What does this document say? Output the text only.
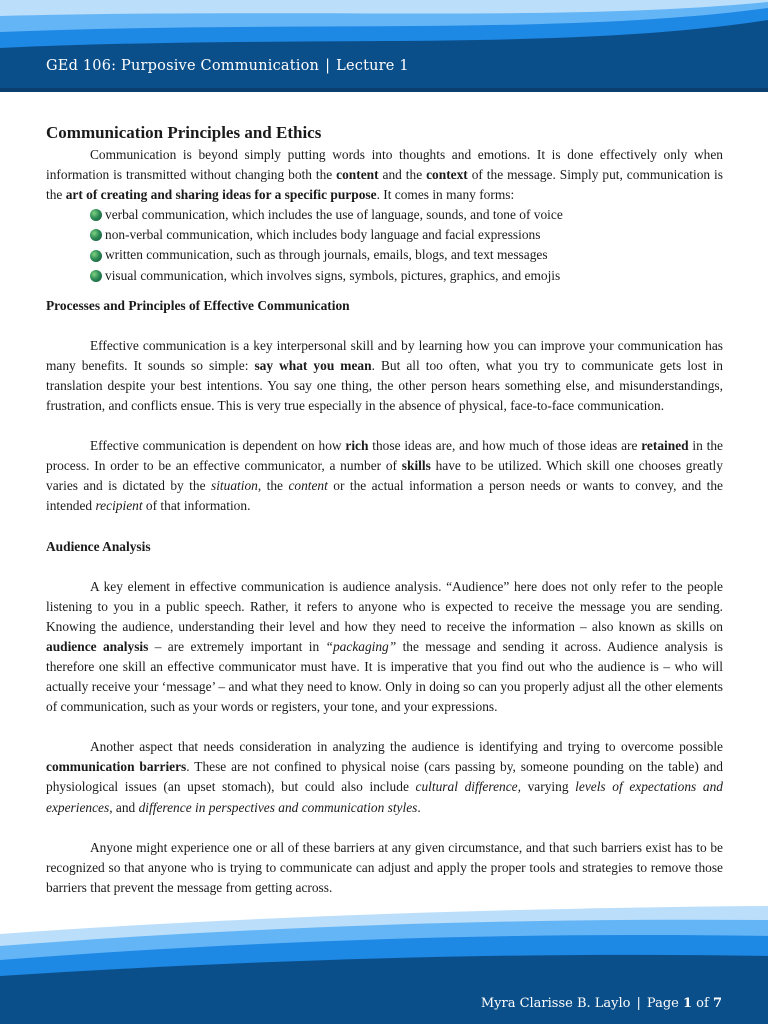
GEd 106: Purposive Communication | Lecture 1
Communication Principles and Ethics

Communication is beyond simply putting words into thoughts and emotions. It is done effectively only when information is transmitted without changing both the content and the context of the message. Simply put, communication is the art of creating and sharing ideas for a specific purpose. It comes in many forms:

verbal communication, which includes the use of language, sounds, and tone of voice
non-verbal communication, which includes body language and facial expressions
written communication, such as through journals, emails, blogs, and text messages
visual communication, which involves signs, symbols, pictures, graphics, and emojis
Processes and Principles of Effective Communication

Effective communication is a key interpersonal skill and by learning how you can improve your communication has many benefits. It sounds so simple: say what you mean. But all too often, what you try to communicate gets lost in translation despite your best intentions. You say one thing, the other person hears something else, and misunderstandings, frustration, and conflicts ensue. This is very true especially in the absence of physical, face-to-face communication.

Effective communication is dependent on how rich those ideas are, and how much of those ideas are retained in the process. In order to be an effective communicator, a number of skills have to be utilized. Which skill one chooses greatly varies and is dictated by the situation, the content or the actual information a person needs or wants to convey, and the intended recipient of that information.

Audience Analysis

A key element in effective communication is audience analysis. “Audience” here does not only refer to the people listening to you in a public speech. Rather, it refers to anyone who is expected to receive the message you are sending. Knowing the audience, understanding their level and how they need to receive the information – also known as skills on audience analysis – are extremely important in “packaging” the message and sending it across. Audience analysis is therefore one skill an effective communicator must have. It is imperative that you find out who the audience is – who will actually receive your ‘message’ – and what they need to know. Only in doing so can you properly adjust all the other elements of communication, such as your words or registers, your tone, and your expressions.

Another aspect that needs consideration in analyzing the audience is identifying and trying to overcome possible communication barriers. These are not confined to physical noise (cars passing by, someone pounding on the table) and physiological issues (an upset stomach), but could also include cultural difference, varying levels of expectations and experiences, and difference in perspectives and communication styles.

Anyone might experience one or all of these barriers at any given circumstance, and that such barriers exist has to be recognized so that anyone who is trying to communicate can adjust and apply the proper tools and strategies to remove those barriers that prevent the message from getting across.

Myra Clarisse B. Laylo | Page 1 of 7
